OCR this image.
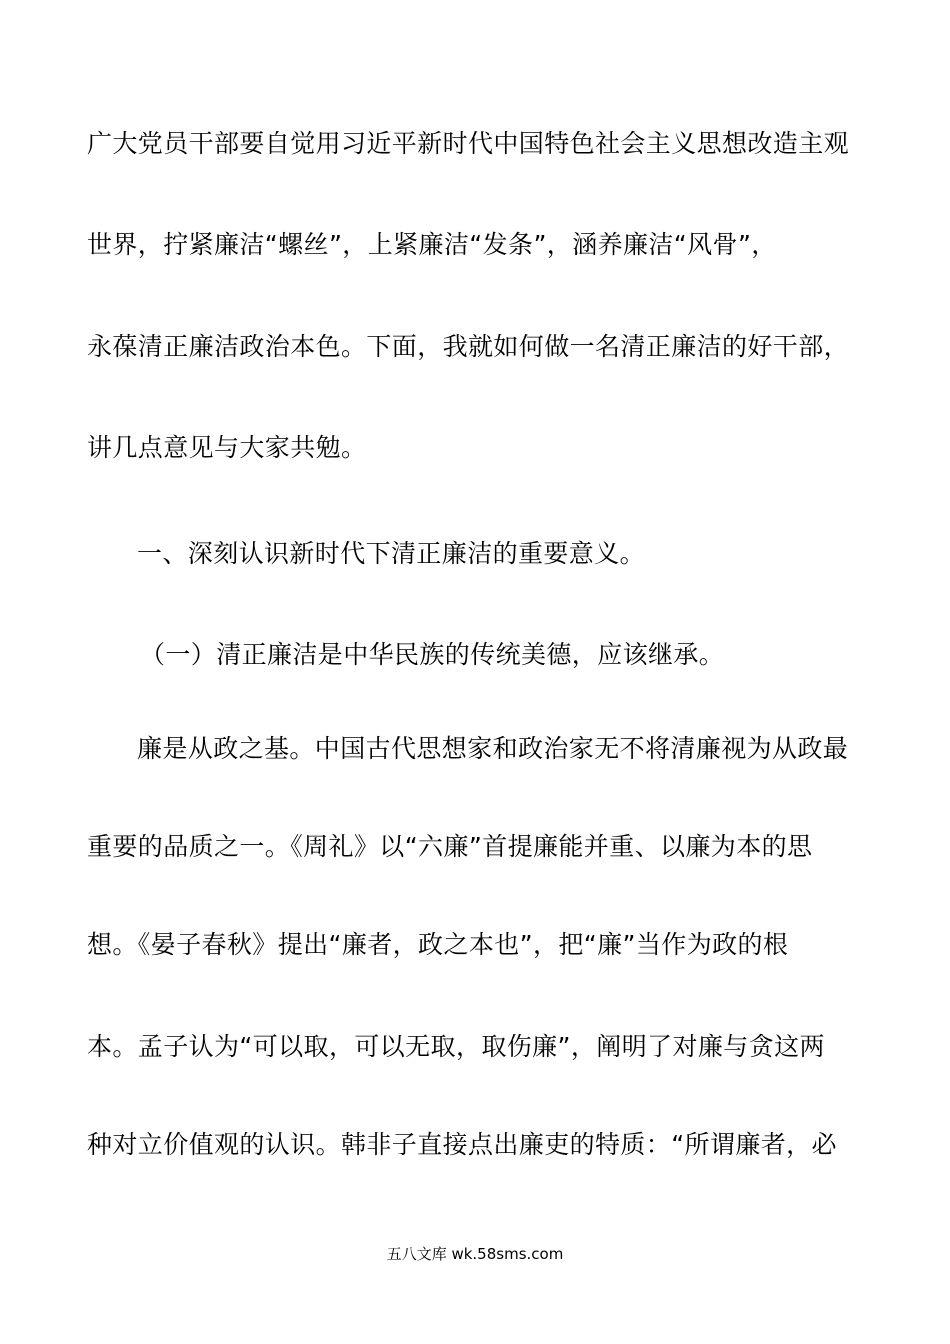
广大党员干部要自觉用习近平新时代中国特色社会主义思想改造主观
世界，拧紧廉洁“螺丝”，上紧廉洁“发条”，涵养廉洁“风骨”，
永葆清正廉洁政治本色。下面，我就如何做一名清正廉洁的好干部，
讲几点意见与大家共勉。
一、深刻认识新时代下清正廉洁的重要意义。
（一）清正廉洁是中华民族的传统美德，应该继承。
廉是从政之基。中国古代思想家和政治家无不将清廉视为从政最
重要的品质之一。《周礼》以“六廉”首提廉能并重、以廉为本的思
想。《晏子春秋》提出“廉者，政之本也”，把“廉”当作为政的根
本。孟子认为“可以取，可以无取，取伤廉”，阐明了对廉与贪这两
种对立价值观的认识。韩非子直接点出廉吏的特质：“所谓廉者，必
五八文库 wk.58sms.com
